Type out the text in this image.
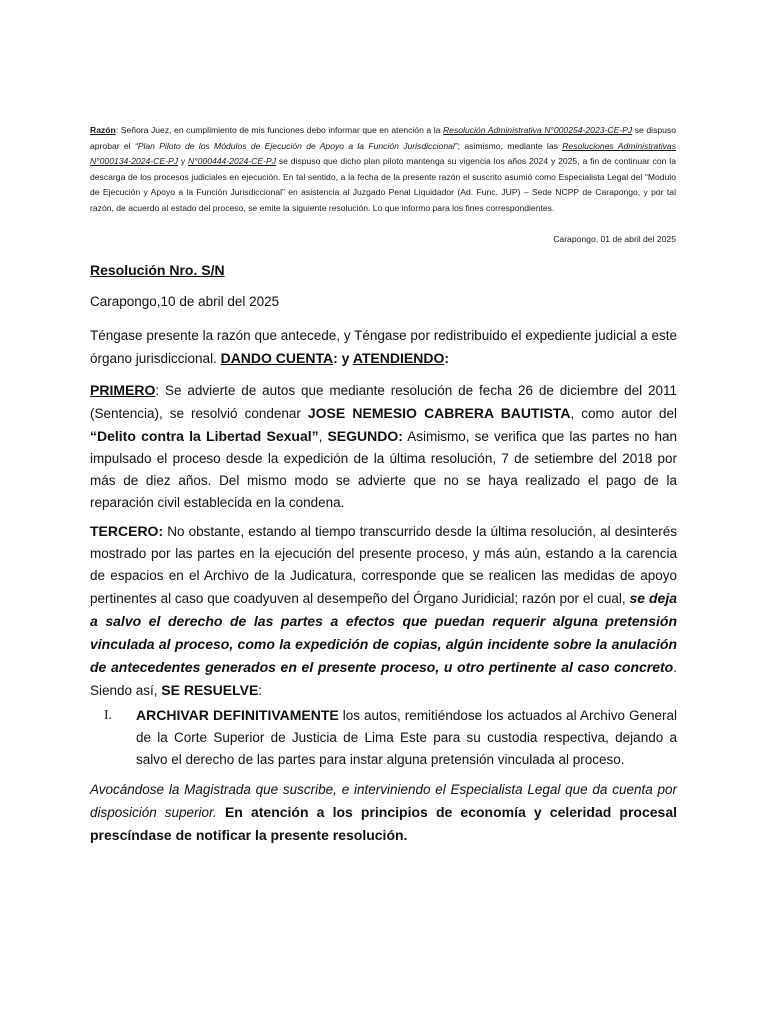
Razón: Señora Juez, en cumplimiento de mis funciones debo informar que en atención a la Resolución Administrativa N°000254-2023-CE-PJ se dispuso aprobar el “Plan Piloto de los Módulos de Ejecución de Apoyo a la Función Jurisdiccional”; asimismo, mediante las Resoluciones Administrativas N°000134-2024-CE-PJ y N°000444-2024-CE-PJ se dispuso que dicho plan piloto mantenga su vigencia los años 2024 y 2025, a fin de continuar con la descarga de los procesos judiciales en ejecución. En tal sentido, a la fecha de la presente razón el suscrito asumió como Especialista Legal del “Modulo de Ejecución y Apoyo a la Función Jurisdiccional” en asistencia al Juzgado Penal Liquidador (Ad. Func. JUP) – Sede NCPP de Carapongo, y por tal razón, de acuerdo al estado del proceso, se emite la siguiente resolución. Lo que informo para los fines correspondientes.
Carapongo, 01 de abril del 2025
Resolución Nro. S/N
Carapongo,10 de abril del 2025
Téngase presente la razón que antecede, y Téngase por redistribuido el expediente judicial a este órgano jurisdiccional. DANDO CUENTA: y ATENDIENDO:
PRIMERO: Se advierte de autos que mediante resolución de fecha 26 de diciembre del 2011 (Sentencia), se resolvió condenar JOSE NEMESIO CABRERA BAUTISTA, como autor del “Delito contra la Libertad Sexual”, SEGUNDO: Asimismo, se verifica que las partes no han impulsado el proceso desde la expedición de la última resolución, 7 de setiembre del 2018 por más de diez años. Del mismo modo se advierte que no se haya realizado el pago de la reparación civil establecida en la condena.
TERCERO: No obstante, estando al tiempo transcurrido desde la última resolución, al desinterés mostrado por las partes en la ejecución del presente proceso, y más aún, estando a la carencia de espacios en el Archivo de la Judicatura, corresponde que se realicen las medidas de apoyo pertinentes al caso que coadyuven al desempeño del Órgano Juridicial; razón por el cual, se deja a salvo el derecho de las partes a efectos que puedan requerir alguna pretensión vinculada al proceso, como la expedición de copias, algún incidente sobre la anulación de antecedentes generados en el presente proceso, u otro pertinente al caso concreto. Siendo así, SE RESUELVE:
I. ARCHIVAR DEFINITIVAMENTE los autos, remitiéndose los actuados al Archivo General de la Corte Superior de Justicia de Lima Este para su custodia respectiva, dejando a salvo el derecho de las partes para instar alguna pretensión vinculada al proceso.
Avocándose la Magistrada que suscribe, e interviniendo el Especialista Legal que da cuenta por disposición superior. En atención a los principios de economía y celeridad procesal prescíndase de notificar la presente resolución.
